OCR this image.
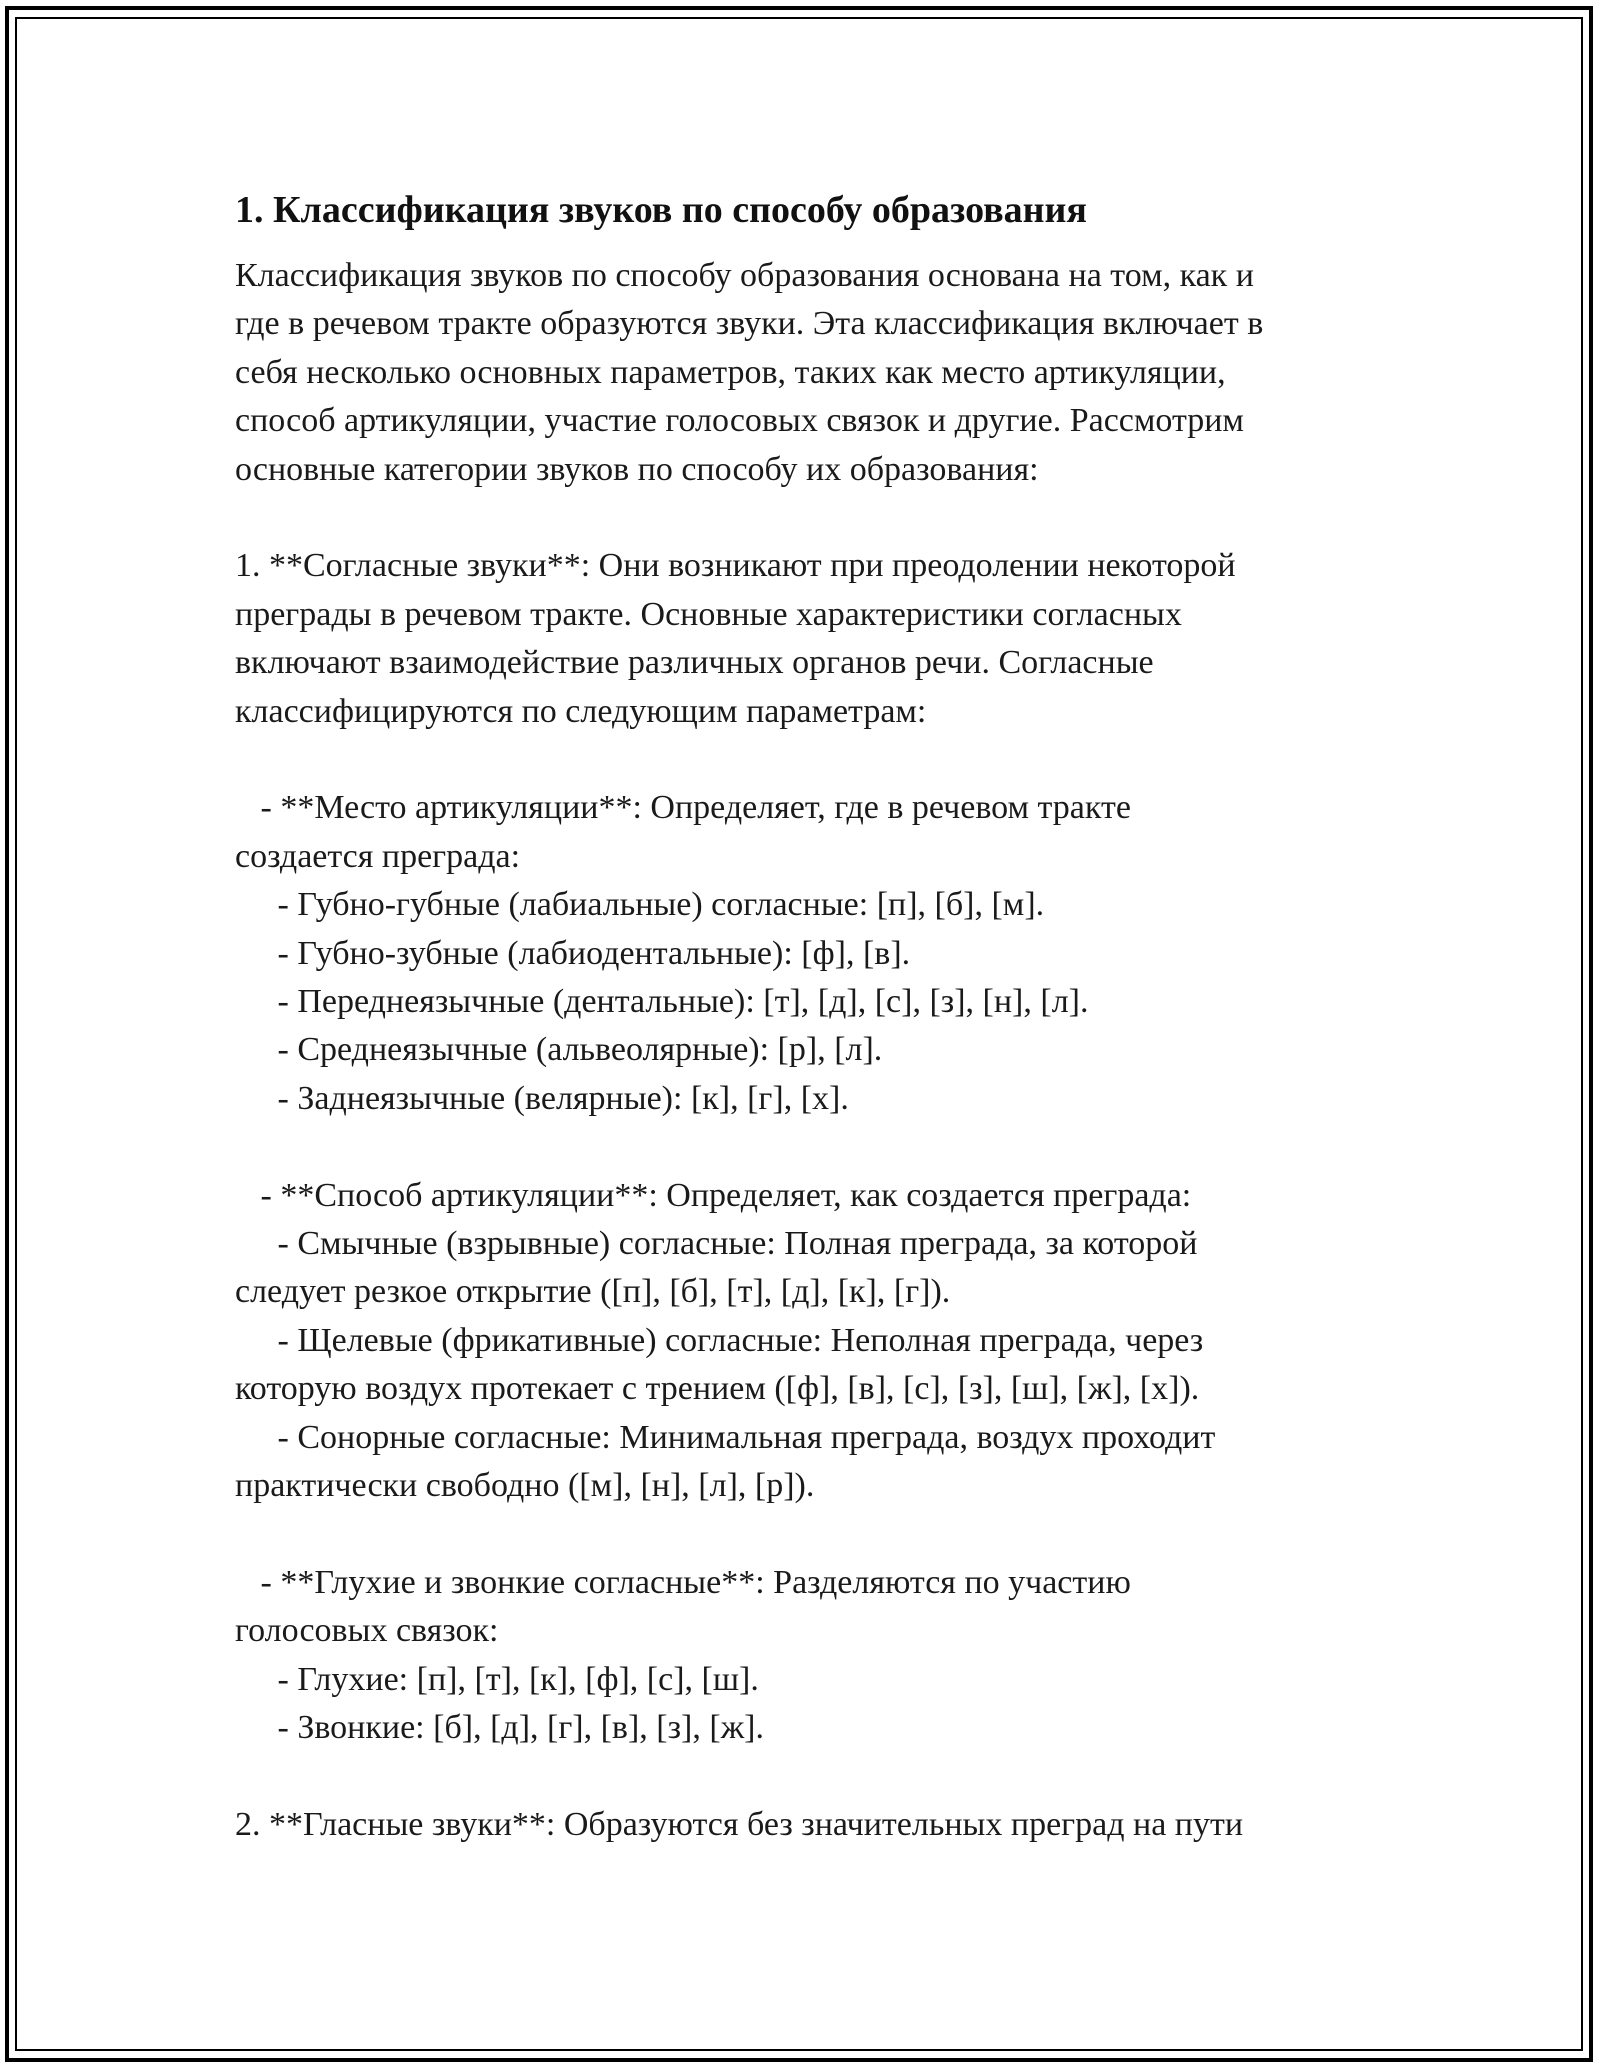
1. Классификация звуков по способу образования
Классификация звуков по способу образования основана на том, как и
где в речевом тракте образуются звуки. Эта классификация включает в
себя несколько основных параметров, таких как место артикуляции,
способ артикуляции, участие голосовых связок и другие. Рассмотрим
основные категории звуков по способу их образования:
1. **Согласные звуки**: Они возникают при преодолении некоторой
преграды в речевом тракте. Основные характеристики согласных
включают взаимодействие различных органов речи. Согласные
классифицируются по следующим параметрам:
- **Место артикуляции**: Определяет, где в речевом тракте
создается преграда:
- Губно-губные (лабиальные) согласные: [п], [б], [м].
- Губно-зубные (лабиодентальные): [ф], [в].
- Переднеязычные (дентальные): [т], [д], [с], [з], [н], [л].
- Среднеязычные (альвеолярные): [р], [л].
- Заднеязычные (велярные): [к], [г], [х].
- **Способ артикуляции**: Определяет, как создается преграда:
- Смычные (взрывные) согласные: Полная преграда, за которой
следует резкое открытие ([п], [б], [т], [д], [к], [г]).
- Щелевые (фрикативные) согласные: Неполная преграда, через
которую воздух протекает с трением ([ф], [в], [с], [з], [ш], [ж], [х]).
- Сонорные согласные: Минимальная преграда, воздух проходит
практически свободно ([м], [н], [л], [р]).
- **Глухие и звонкие согласные**: Разделяются по участию
голосовых связок:
- Глухие: [п], [т], [к], [ф], [с], [ш].
- Звонкие: [б], [д], [г], [в], [з], [ж].
2. **Гласные звуки**: Образуются без значительных преград на пути
